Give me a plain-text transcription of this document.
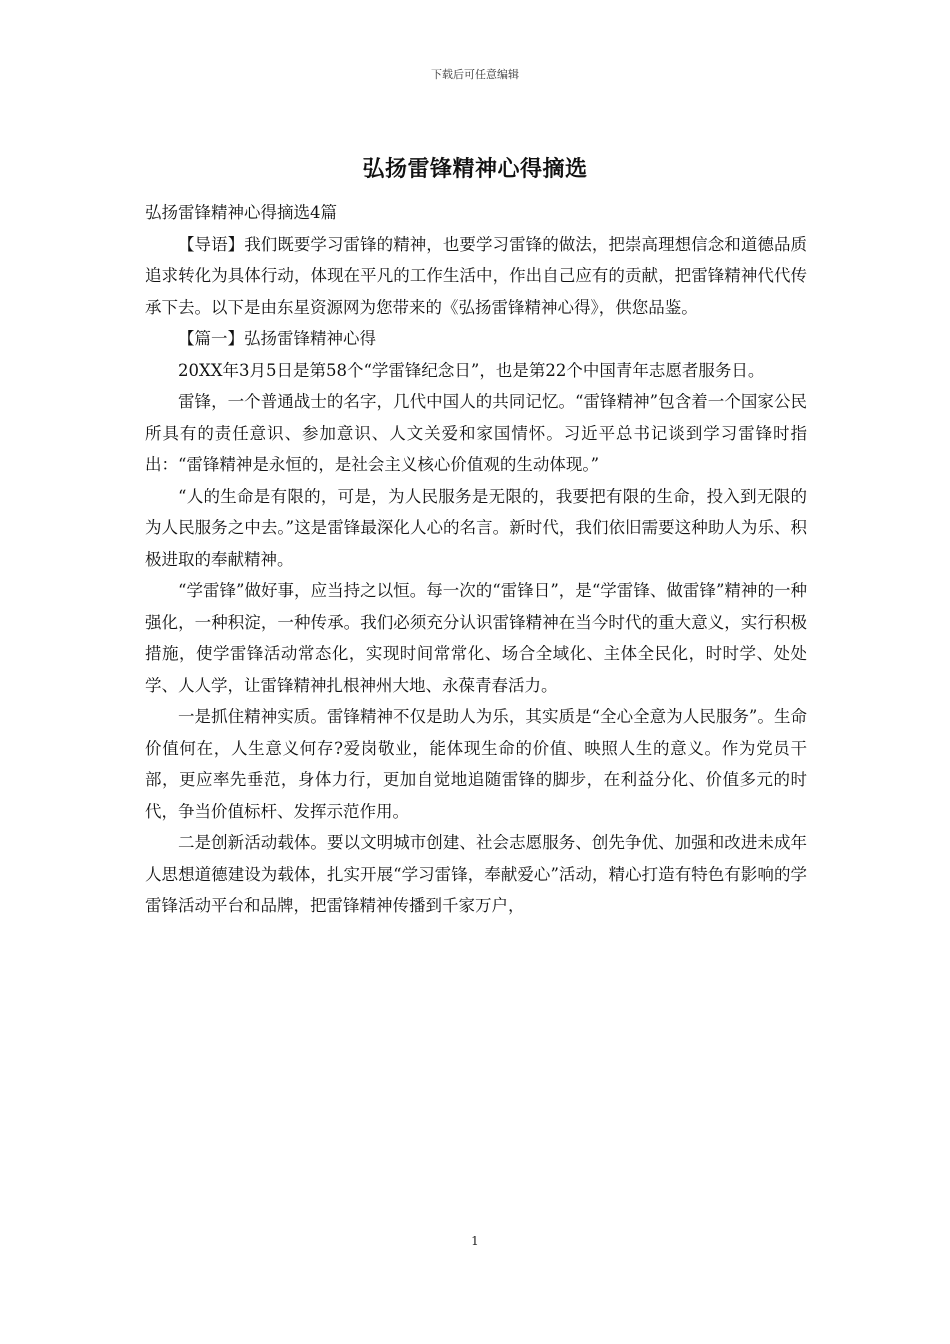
下载后可任意编辑
弘扬雷锋精神心得摘选

弘扬雷锋精神心得摘选4篇

【导语】我们既要学习雷锋的精神，也要学习雷锋的做法，把崇高理想信念和道德品质追求转化为具体行动，体现在平凡的工作生活中，作出自己应有的贡献，把雷锋精神代代传承下去。以下是由东星资源网为您带来的《弘扬雷锋精神心得》，供您品鉴。

【篇一】弘扬雷锋精神心得

20XX年3月5日是第58个“学雷锋纪念日”，也是第22个中国青年志愿者服务日。

雷锋，一个普通战士的名字，几代中国人的共同记忆。“雷锋精神”包含着一个国家公民所具有的责任意识、参加意识、人文关爱和家国情怀。习近平总书记谈到学习雷锋时指出：“雷锋精神是永恒的，是社会主义核心价值观的生动体现。”

“人的生命是有限的，可是，为人民服务是无限的，我要把有限的生命，投入到无限的为人民服务之中去。”这是雷锋最深化人心的名言。新时代，我们依旧需要这种助人为乐、积极进取的奉献精神。

“学雷锋”做好事，应当持之以恒。每一次的“雷锋日”，是“学雷锋、做雷锋”精神的一种强化，一种积淀，一种传承。我们必须充分认识雷锋精神在当今时代的重大意义，实行积极措施，使学雷锋活动常态化，实现时间常常化、场合全域化、主体全民化，时时学、处处学、人人学，让雷锋精神扎根神州大地、永葆青春活力。

一是抓住精神实质。雷锋精神不仅是助人为乐，其实质是“全心全意为人民服务”。生命价值何在，人生意义何存?爱岗敬业，能体现生命的价值、映照人生的意义。作为党员干部，更应率先垂范，身体力行，更加自觉地追随雷锋的脚步，在利益分化、价值多元的时代，争当价值标杆、发挥示范作用。

二是创新活动载体。要以文明城市创建、社会志愿服务、创先争优、加强和改进未成年人思想道德建设为载体，扎实开展“学习雷锋，奉献爱心”活动，精心打造有特色有影响的学雷锋活动平台和品牌，把雷锋精神传播到千家万户，

1
